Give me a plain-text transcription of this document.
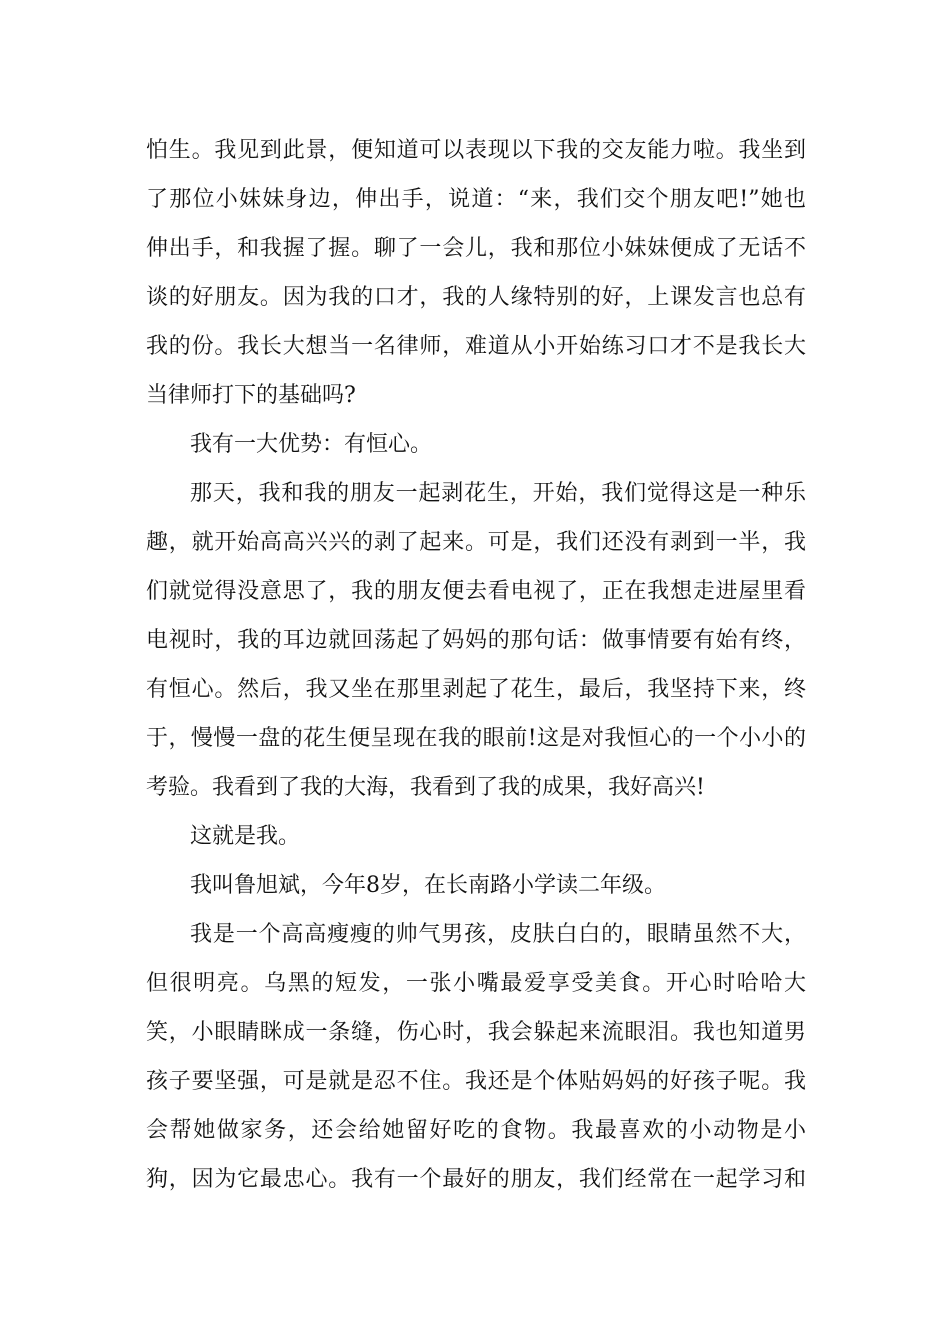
怕生。我见到此景，便知道可以表现以下我的交友能力啦。我坐到
了那位小妹妹身边，伸出手，说道：“来，我们交个朋友吧!”她也
伸出手，和我握了握。聊了一会儿，我和那位小妹妹便成了无话不
谈的好朋友。因为我的口才，我的人缘特别的好，上课发言也总有
我的份。我长大想当一名律师，难道从小开始练习口才不是我长大
当律师打下的基础吗?
我有一大优势：有恒心。
那天，我和我的朋友一起剥花生，开始，我们觉得这是一种乐
趣，就开始高高兴兴的剥了起来。可是，我们还没有剥到一半，我
们就觉得没意思了，我的朋友便去看电视了，正在我想走进屋里看
电视时，我的耳边就回荡起了妈妈的那句话：做事情要有始有终，
有恒心。然后，我又坐在那里剥起了花生，最后，我坚持下来，终
于，慢慢一盘的花生便呈现在我的眼前!这是对我恒心的一个小小的
考验。我看到了我的大海，我看到了我的成果，我好高兴!
这就是我。
我叫鲁旭斌，今年8岁，在长南路小学读二年级。
我是一个高高瘦瘦的帅气男孩，皮肤白白的，眼睛虽然不大，
但很明亮。乌黑的短发，一张小嘴最爱享受美食。开心时哈哈大
笑，小眼睛眯成一条缝，伤心时，我会躲起来流眼泪。我也知道男
孩子要坚强，可是就是忍不住。我还是个体贴妈妈的好孩子呢。我
会帮她做家务，还会给她留好吃的食物。我最喜欢的小动物是小
狗，因为它最忠心。我有一个最好的朋友，我们经常在一起学习和
